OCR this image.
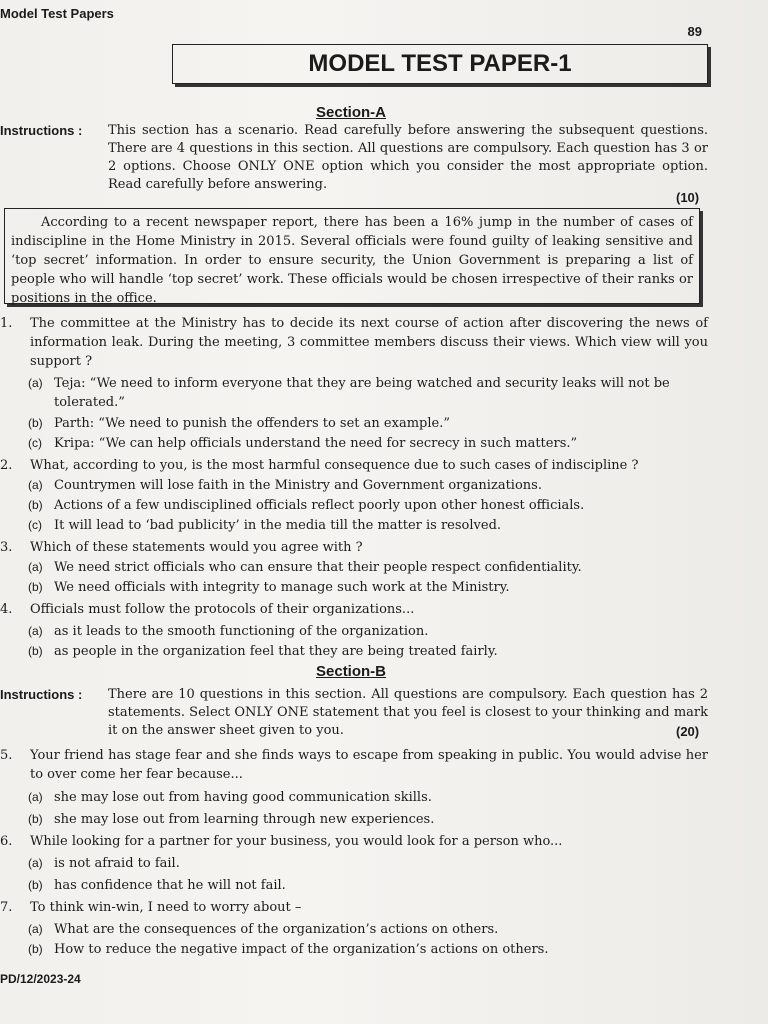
Model Test Papers
89
MODEL TEST PAPER-1
Section-A
Instructions : This section has a scenario. Read carefully before answering the subsequent questions. There are 4 questions in this section. All questions are compulsory. Each question has 3 or 2 options. Choose ONLY ONE option which you consider the most appropriate option. Read carefully before answering.
(10)
According to a recent newspaper report, there has been a 16% jump in the number of cases of indiscipline in the Home Ministry in 2015. Several officials were found guilty of leaking sensitive and ‘top secret’ information. In order to ensure security, the Union Government is preparing a list of people who will handle ‘top secret’ work. These officials would be chosen irrespective of their ranks or positions in the office.
1. The committee at the Ministry has to decide its next course of action after discovering the news of information leak. During the meeting, 3 committee members discuss their views. Which view will you support ?
(a) Teja: “We need to inform everyone that they are being watched and security leaks will not be tolerated.”
(b) Parth: “We need to punish the offenders to set an example.”
(c) Kripa: “We can help officials understand the need for secrecy in such matters.”
2. What, according to you, is the most harmful consequence due to such cases of indiscipline ?
(a) Countrymen will lose faith in the Ministry and Government organizations.
(b) Actions of a few undisciplined officials reflect poorly upon other honest officials.
(c) It will lead to ‘bad publicity’ in the media till the matter is resolved.
3. Which of these statements would you agree with ?
(a) We need strict officials who can ensure that their people respect confidentiality.
(b) We need officials with integrity to manage such work at the Ministry.
4. Officials must follow the protocols of their organizations...
(a) as it leads to the smooth functioning of the organization.
(b) as people in the organization feel that they are being treated fairly.
Section-B
Instructions : There are 10 questions in this section. All questions are compulsory. Each question has 2 statements. Select ONLY ONE statement that you feel is closest to your thinking and mark it on the answer sheet given to you.	(20)
5. Your friend has stage fear and she finds ways to escape from speaking in public. You would advise her to over come her fear because...
(a) she may lose out from having good communication skills.
(b) she may lose out from learning through new experiences.
6. While looking for a partner for your business, you would look for a person who...
(a) is not afraid to fail.
(b) has confidence that he will not fail.
7. To think win-win, I need to worry about –
(a) What are the consequences of the organization’s actions on others.
(b) How to reduce the negative impact of the organization’s actions on others.
PD/12/2023-24
